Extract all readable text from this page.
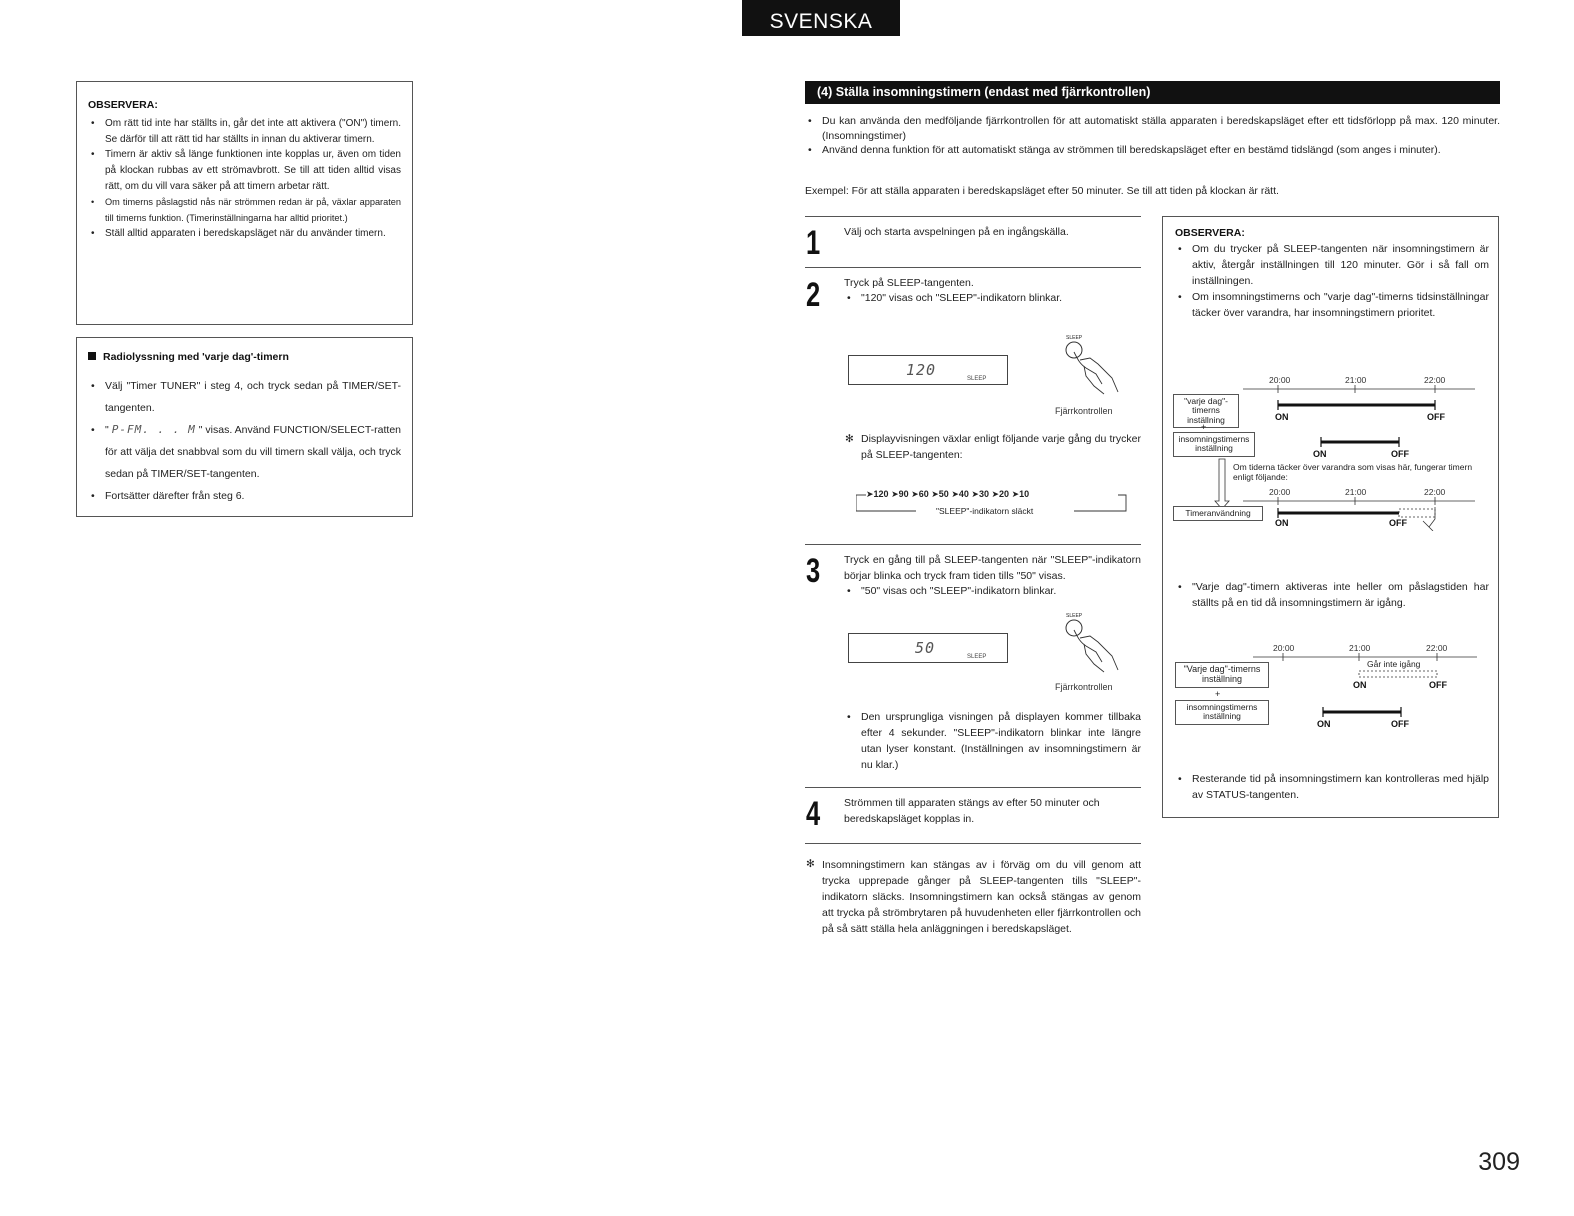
SVENSKA
OBSERVERA:
• Om rätt tid inte har ställts in, går det inte att aktivera ("ON") timern. Se därför till att rätt tid har ställts in innan du aktiverar timern.
• Timern är aktiv så länge funktionen inte kopplas ur, även om tiden på klockan rubbas av ett strömavbrott. Se till att tiden alltid visas rätt, om du vill vara säker på att timern arbetar rätt.
• Om timerns påslagstid nås när strömmen redan är på, växlar apparaten till timerns funktion. (Timerinställningarna har alltid prioritet.)
• Ställ alltid apparaten i beredskapsläget när du använder timern.
Radiolyssning med 'varje dag'-timern
• Välj "Timer TUNER" i steg 4, och tryck sedan på TIMER/SET-tangenten.
• " P-FM. . . M " visas. Använd FUNCTION/SELECT-ratten för att välja det snabbval som du vill timern skall välja, och tryck sedan på TIMER/SET-tangenten.
• Fortsätter därefter från steg 6.
(4) Ställa insomningstimern (endast med fjärrkontrollen)
• Du kan använda den medföljande fjärrkontrollen för att automatiskt ställa apparaten i beredskapsläget efter ett tidsförlopp på max. 120 minuter. (Insomningstimer)
• Använd denna funktion för att automatiskt stänga av strömmen till beredskapsläget efter en bestämd tidslängd (som anges i minuter).
Exempel: För att ställa apparaten i beredskapsläget efter 50 minuter. Se till att tiden på klockan är rätt.
1 Välj och starta avspelningen på en ingångskälla.
2 Tryck på SLEEP-tangenten.
• "120" visas och "SLEEP"-indikatorn blinkar.
120	SLEEP
SLEEP
Fjärrkontrollen
✻ Displayvisningen växlar enligt följande varje gång du trycker på SLEEP-tangenten:
➤120 ➤90 ➤60 ➤50 ➤40 ➤30 ➤20 ➤10
"SLEEP"-indikatorn släckt
3 Tryck en gång till på SLEEP-tangenten när "SLEEP"-indikatorn börjar blinka och tryck fram tiden tills "50" visas.
• "50" visas och "SLEEP"-indikatorn blinkar.
50	SLEEP
SLEEP
Fjärrkontrollen
• Den ursprungliga visningen på displayen kommer tillbaka efter 4 sekunder. "SLEEP"-indikatorn blinkar inte längre utan lyser konstant. (Inställningen av insomningstimern är nu klar.)
4 Strömmen till apparaten stängs av efter 50 minuter och beredskapsläget kopplas in.
✻ Insomningstimern kan stängas av i förväg om du vill genom att trycka upprepade gånger på SLEEP-tangenten tills "SLEEP"-indikatorn släcks. Insomningstimern kan också stängas av genom att trycka på strömbrytaren på huvudenheten eller fjärrkontrollen och på så sätt ställa hela anläggningen i beredskapsläget.
OBSERVERA:
• Om du trycker på SLEEP-tangenten när insomningstimern är aktiv, återgår inställningen till 120 minuter. Gör i så fall om inställningen.
• Om insomningstimerns och "varje dag"-timerns tidsinställningar täcker över varandra, har insomningstimern prioritet.
20:00	21:00	22:00
"varje dag"-timerns inställning	ON	OFF
+
insomningstimerns inställning
ON	OFF
Om tiderna täcker över varandra som visas här, fungerar timern enligt följande:
20:00	21:00	22:00
Timeranvändning
ON	OFF
• "Varje dag"-timern aktiveras inte heller om påslagstiden har ställts på en tid då insomningstimern är igång.
20:00	21:00	22:00
Går inte igång
"Varje dag"-timerns inställning
ON	OFF
+
insomningstimerns inställning
ON	OFF
• Resterande tid på insomningstimern kan kontrolleras med hjälp av STATUS-tangenten.
309
